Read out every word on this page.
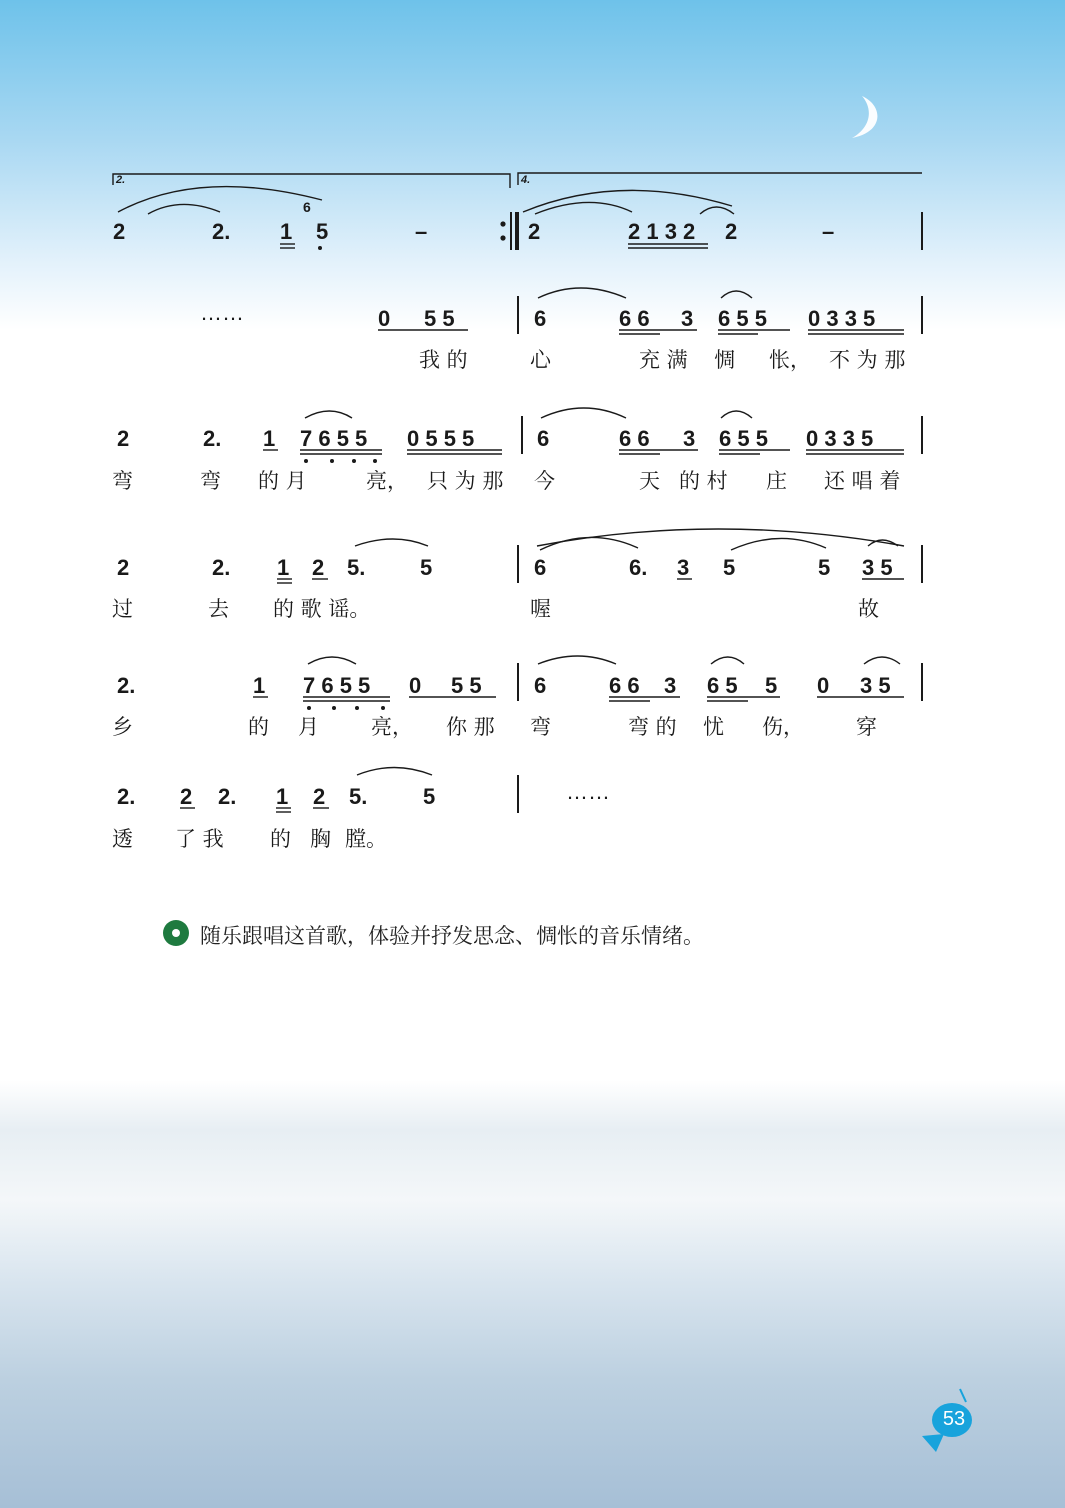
2.	4.
2	2. 1
6
5	–	2	2 1 3 2 2	–
0 5 5	6	6 6 3 6 5 5 0 3 3 5
2	2. 1 7 6 5 5 0 5 5 5	6	6 6 3 6 5 5 0 3 3 5
2	2. 1 2 5. 5	6	6. 3 5	5 3 5
2.	1 7 6 5 5 0 5 5 6	6 6 3 6 5 5 0 3 5
2. 2 2. 1 2 5.	5
……
……
我 的	心	充 满 惆 怅， 不 为 那
弯	弯 的 月	亮， 只 为 那 今	天 的 村 庄 还 唱 着
过	去 的 歌 谣。	喔	故
乡	的 月 亮， 你 那 弯	弯 的 忧 伤， 穿
透 了 我 的 胸 膛。
随乐跟唱这首歌，体验并抒发思念、惆怅的音乐情绪。
53
